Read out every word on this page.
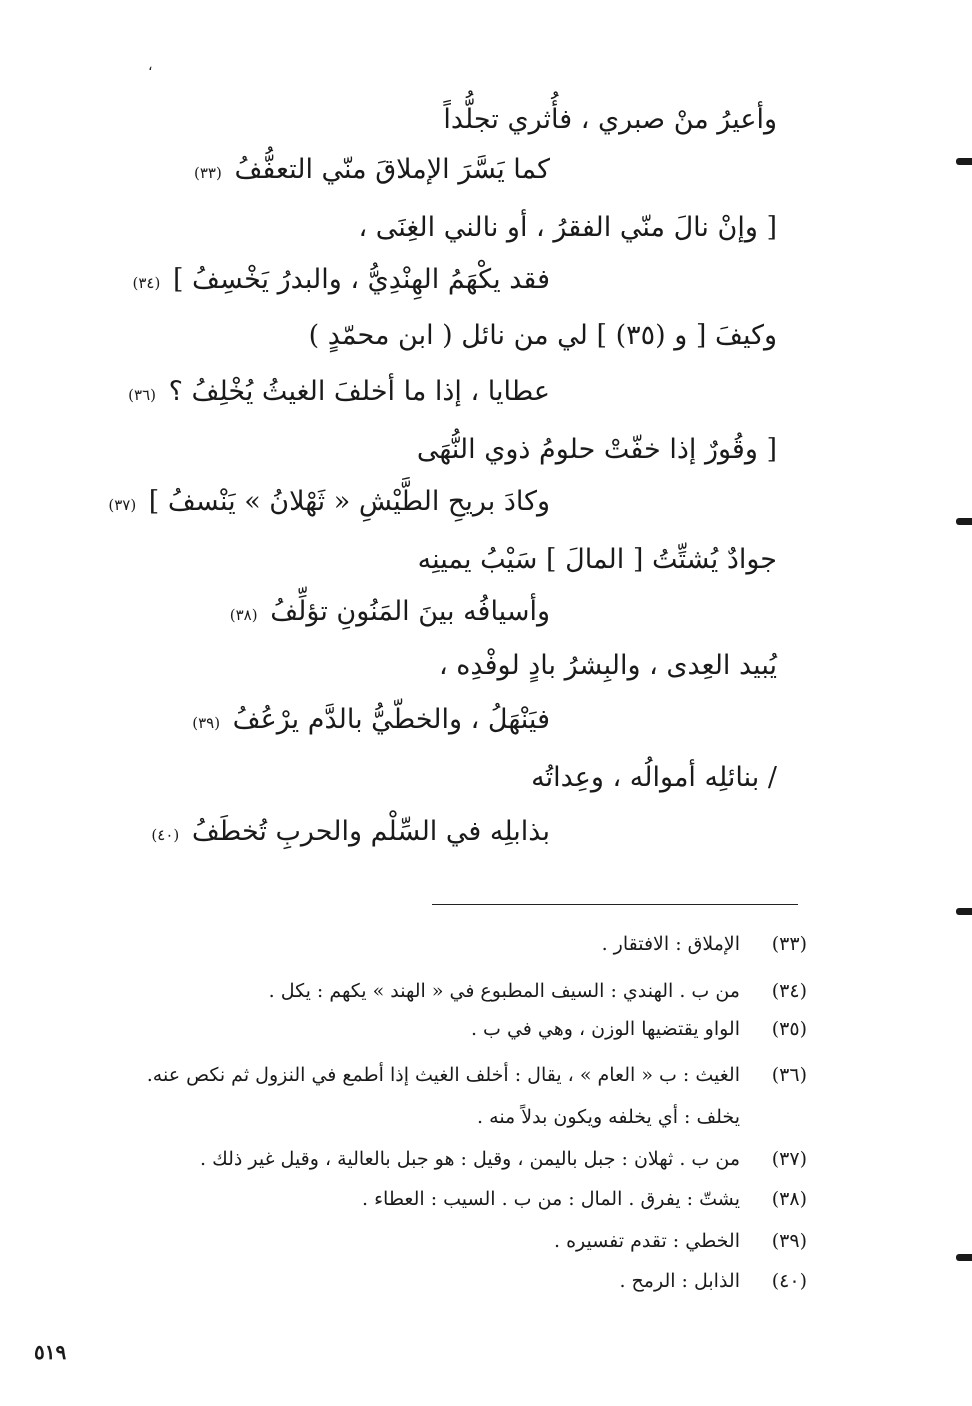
،
وأعيرُ منْ صبري ، فأُثري تجلُّداً
كما يَسَّرَ الإملاقَ منّي التعفُّفُ (٣٣)
[ وإنْ نالَ منّي الفقرُ ، أو نالني الغِنَى ،
فقد يكْهَمُ الهِنْدِيُّ ، والبدرُ يَخْسِفُ ] (٣٤)
وكيفَ [ و (٣٥) ] لي من نائل ( ابن محمّدٍ )
عطايا ، إذا ما أخلفَ الغيثُ يُخْلِفُ ؟ (٣٦)
[ وقُورٌ إذا خفّتْ حلومُ ذوي النُّهَى
وكادَ بريحِ الطَّيْشِ « ثَهْلانُ » يَنْسفُ ] (٣٧)
جوادٌ يُشتِّتُ [ المالَ ] سَيْبُ يمينِه
وأسيافُه بينَ المَنُونِ تؤلِّفُ (٣٨)
يُبيد العِدى ، والبِشرُ بادٍ لوفْدِه ،
فيَنْهَلُ ، والخطّيُّ بالدَّم يرْعُفُ (٣٩)
/ بنائلِه أموالُه ، وعِداتُه
بذابلِه في السِّلْم والحربِ تُخطَفُ (٤٠)
(٣٣)
الإملاق : الافتقار .
(٣٤)
من ب . الهندي : السيف المطبوع في « الهند » يكهم : يكل .
(٣٥)
الواو يقتضيها الوزن ، وهي في ب .
(٣٦)
الغيث : ب « العام » ، يقال : أخلف الغيث إذا أطمع في النزول ثم نكص عنه.
يخلف : أي يخلفه ويكون بدلاً منه .
(٣٧)
من ب . ثهلان : جبل باليمن ، وقيل : هو جبل بالعالية ، وقيل غير ذلك .
(٣٨)
يشتّ : يفرق . المال : من ب . السيب : العطاء .
(٣٩)
الخطي : تقدم تفسيره .
(٤٠)
الذابل : الرمح .
٥١٩
